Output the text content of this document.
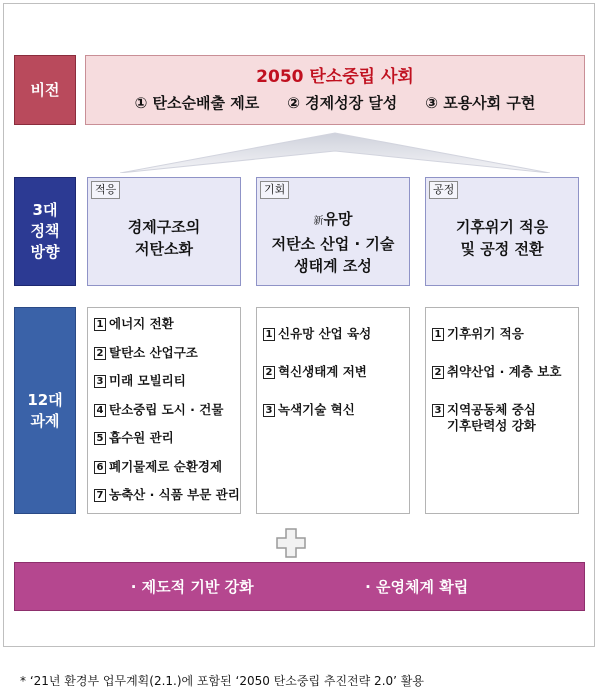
비전
3대
정책
방향
12대
과제
2050 탄소중립 사회
① 탄소순배출 제로 ② 경제성장 달성 ③ 포용사회 구현
적응
경제구조의
저탄소화
기회
新유망
저탄소 산업 · 기술
생태계 조성
공정
기후위기 적응
및 공정 전환
1 에너지 전환
2 탈탄소 산업구조
3 미래 모빌리티
4 탄소중립 도시 · 건물
5 흡수원 관리
6 폐기물제로 순환경제
7 농축산 · 식품 부문 관리
1 신유망 산업 육성
2 혁신생태계 저변
3 녹색기술 혁신
1 기후위기 적응
2 취약산업 · 계층 보호
3 지역공동체 중심
기후탄력성 강화
· 제도적 기반 강화	· 운영체계 확립
* ‘21년 환경부 업무계획(2.1.)에 포함된 ‘2050 탄소중립 추진전략 2.0’ 활용
